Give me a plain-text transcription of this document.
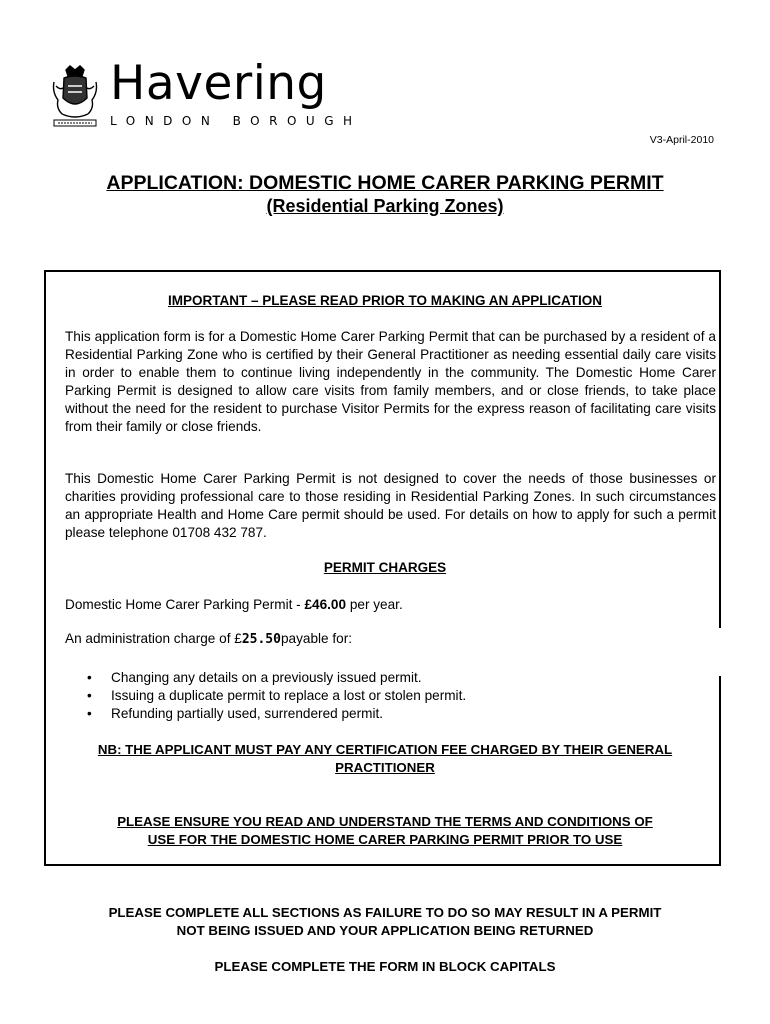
Havering
LONDON BOROUGH
V3-April-2010
APPLICATION: DOMESTIC HOME CARER PARKING PERMIT
(Residential Parking Zones)
IMPORTANT – PLEASE READ PRIOR TO MAKING AN APPLICATION
This application form is for a Domestic Home Carer Parking Permit that can be purchased by a resident of a Residential Parking Zone who is certified by their General Practitioner as needing essential daily care visits in order to enable them to continue living independently in the community. The Domestic Home Carer Parking Permit is designed to allow care visits from family members, and or close friends, to take place without the need for the resident to purchase Visitor Permits for the express reason of facilitating care visits from their family or close friends.
This Domestic Home Carer Parking Permit is not designed to cover the needs of those businesses or charities providing professional care to those residing in Residential Parking Zones. In such circumstances an appropriate Health and Home Care permit should be used. For details on how to apply for such a permit please telephone 01708 432 787.
PERMIT CHARGES
Domestic Home Carer Parking Permit - £46.00 per year.
An administration charge of £25.50payable for:
• Changing any details on a previously issued permit.
• Issuing a duplicate permit to replace a lost or stolen permit.
• Refunding partially used, surrendered permit.
NB: THE APPLICANT MUST PAY ANY CERTIFICATION FEE CHARGED BY THEIR GENERAL
PRACTITIONER
PLEASE ENSURE YOU READ AND UNDERSTAND THE TERMS AND CONDITIONS OF
USE FOR THE DOMESTIC HOME CARER PARKING PERMIT PRIOR TO USE
PLEASE COMPLETE ALL SECTIONS AS FAILURE TO DO SO MAY RESULT IN A PERMIT
NOT BEING ISSUED AND YOUR APPLICATION BEING RETURNED
PLEASE COMPLETE THE FORM IN BLOCK CAPITALS
